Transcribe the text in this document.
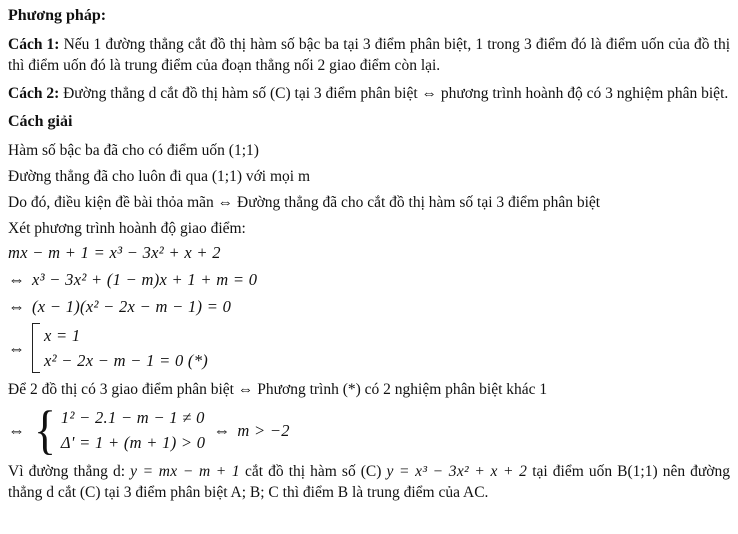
Phương pháp:

Cách 1: Nếu 1 đường thẳng cắt đồ thị hàm số bậc ba tại 3 điểm phân biệt, 1 trong 3 điểm đó là điểm uốn của đồ thị thì điểm uốn đó là trung điểm của đoạn thẳng nối 2 giao điểm còn lại.

Cách 2: Đường thẳng d cắt đồ thị hàm số (C) tại 3 điểm phân biệt ⇔ phương trình hoành độ có 3 nghiệm phân biệt.

Cách giải

Hàm số bậc ba đã cho có điểm uốn (1;1)

Đường thẳng đã cho luôn đi qua (1;1) với mọi m

Do đó, điều kiện đề bài thỏa mãn ⇔ Đường thẳng đã cho cắt đồ thị hàm số tại 3 điểm phân biệt

Xét phương trình hoành độ giao điểm:

mx − m + 1 = x³ − 3x² + x + 2
⇔ x³ − 3x² + (1 − m)x + 1 + m = 0
⇔ (x − 1)(x² − 2x − m − 1) = 0
⇔
x = 1
x² − 2x − m − 1 = 0 (*)

Để 2 đồ thị có 3 giao điểm phân biệt ⇔ Phương trình (*) có 2 nghiệm phân biệt khác 1

⇔ { 1² − 2.1 − m − 1 ≠ 0
Δ' = 1 + (m + 1) > 0
⇔ m > −2

Vì đường thẳng d: y = mx − m + 1 cắt đồ thị hàm số (C) y = x³ − 3x² + x + 2 tại điểm uốn B(1;1) nên đường thẳng d cắt (C) tại 3 điểm phân biệt A; B; C thì điểm B là trung điểm của AC.
